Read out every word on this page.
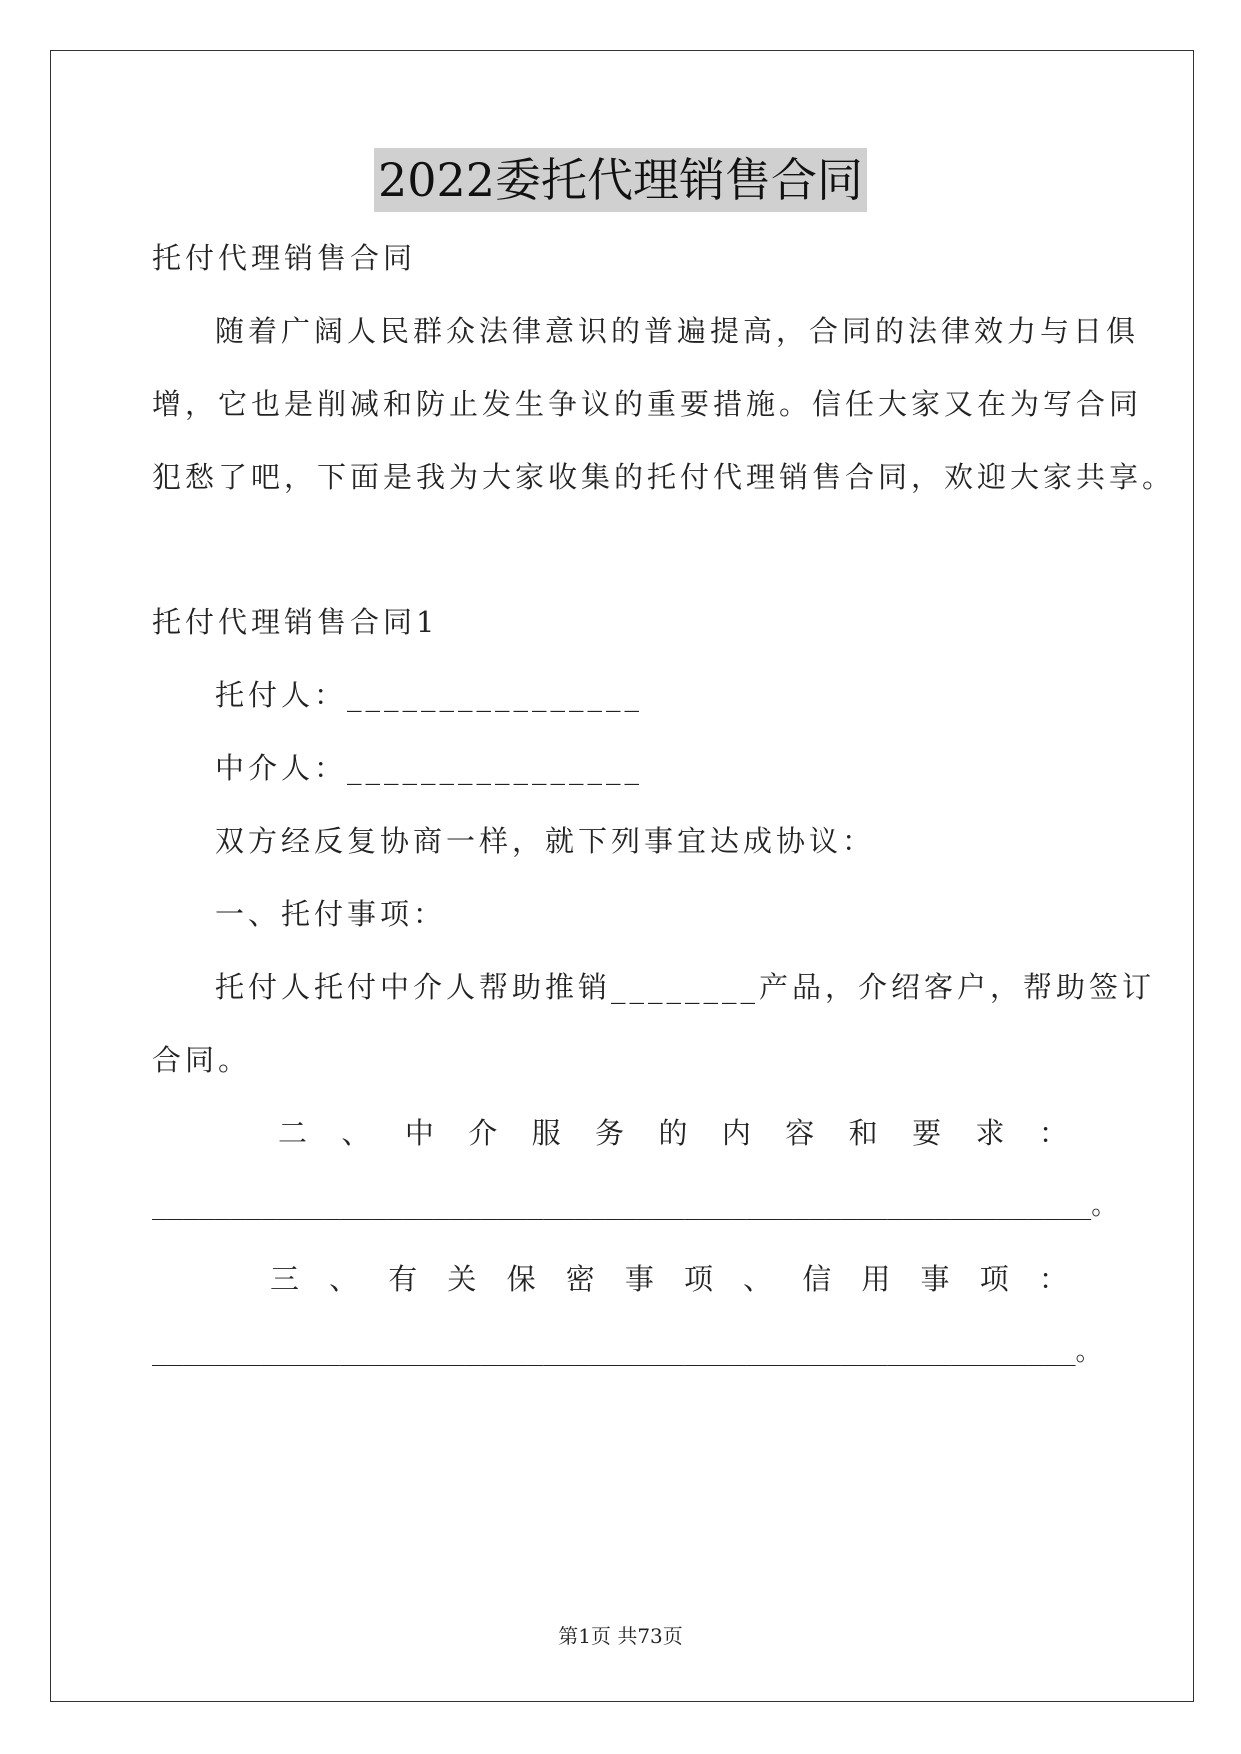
2022委托代理销售合同
托付代理销售合同
随着广阔人民群众法律意识的普遍提高，合同的法律效力与日俱
增，它也是削减和防止发生争议的重要措施。信任大家又在为写合同
犯愁了吧，下面是我为大家收集的托付代理销售合同，欢迎大家共享。
托付代理销售合同1
托付人：________________
中介人：________________
双方经反复协商一样，就下列事宜达成协议：
一、托付事项：
托付人托付中介人帮助推销________产品，介绍客户，帮助签订
合同。
二 、 中 介 服 务 的 内 容 和 要 求 ：
____________________________________________________________。
三 、 有 关 保 密 事 项 、 信 用 事 项 ：
___________________________________________________________。
第1页 共73页
